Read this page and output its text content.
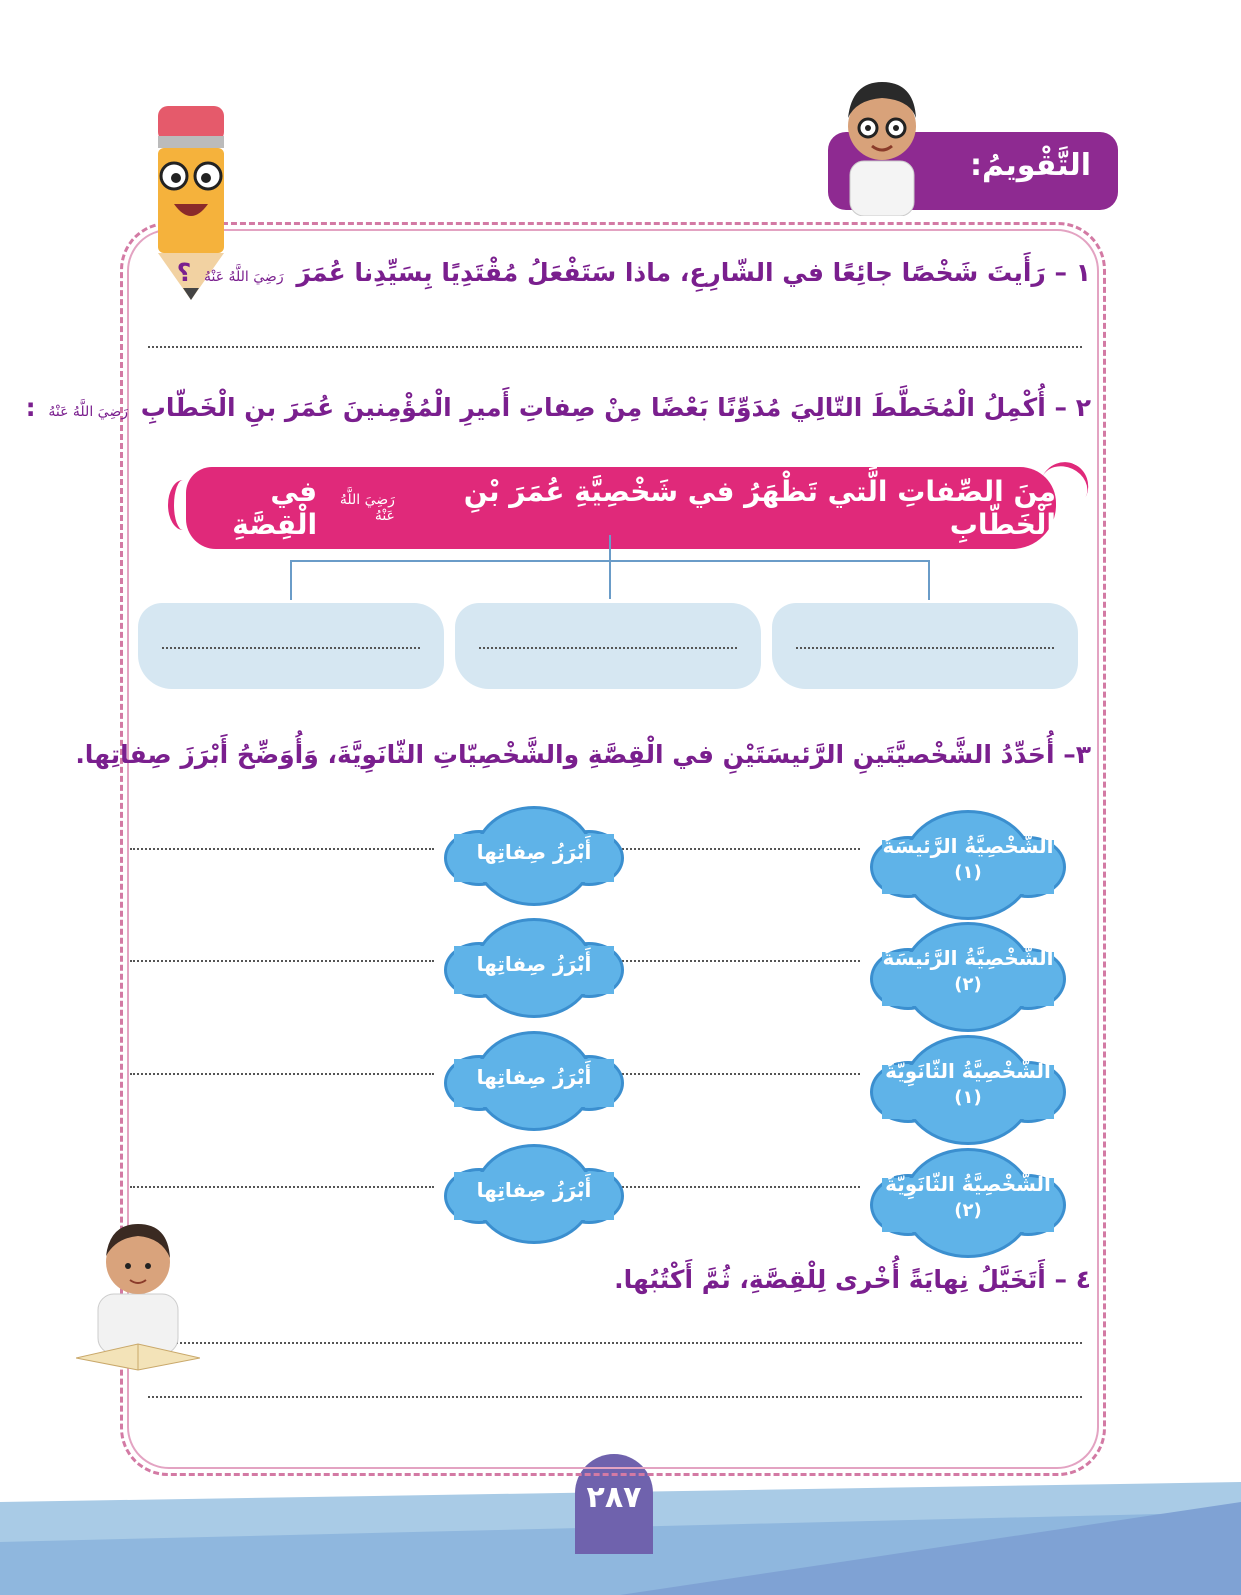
٢٨٧
التَّقْويمُ:
١ – رَأَيتَ شَخْصًا جائِعًا في الشّارِعِ، ماذا سَتَفْعَلُ مُقْتَدِيًا بِسَيِّدِنا عُمَرَ رَضِيَ اللَّهُ عَنْهُ ؟
٢ – أُكْمِلُ الْمُخَطَّطَ التّالِيَ مُدَوِّنًا بَعْضًا مِنْ صِفاتِ أَميرِ الْمُؤْمِنينَ عُمَرَ بنِ الْخَطّابِ رَضِيَ اللَّهُ عَنْهُ :
مِنَ الصِّفاتِ الَّتي تَظْهَرُ في شَخْصِيَّةِ عُمَرَ بْنِ الْخَطّابِ
رَضِيَ اللَّهُ عَنْهُ
في الْقِصَّةِ
٣– أُحَدِّدُ الشَّخْصيَّتَينِ الرَّئيسَتَيْنِ في الْقِصَّةِ والشَّخْصِيّاتِ الثّانَوِيَّةَ، وَأُوَضِّحُ أَبْرَزَ صِفاتِها.
الشَّخْصِيَّةُ الرَّئيسَةُ
(١)
أَبْرَزُ صِفاتِها
الشَّخْصِيَّةُ الرَّئيسَةُ
(٢)
أَبْرَزُ صِفاتِها
الشَّخْصِيَّةُ الثّانَوِيَّةُ
(١)
أَبْرَزُ صِفاتِها
الشَّخْصِيَّةُ الثّانَوِيَّةُ
(٢)
أَبْرَزُ صِفاتِها
٤ – أَتَخَيَّلُ نِهايَةً أُخْرى لِلْقِصَّةِ، ثُمَّ أَكْتُبُها.
